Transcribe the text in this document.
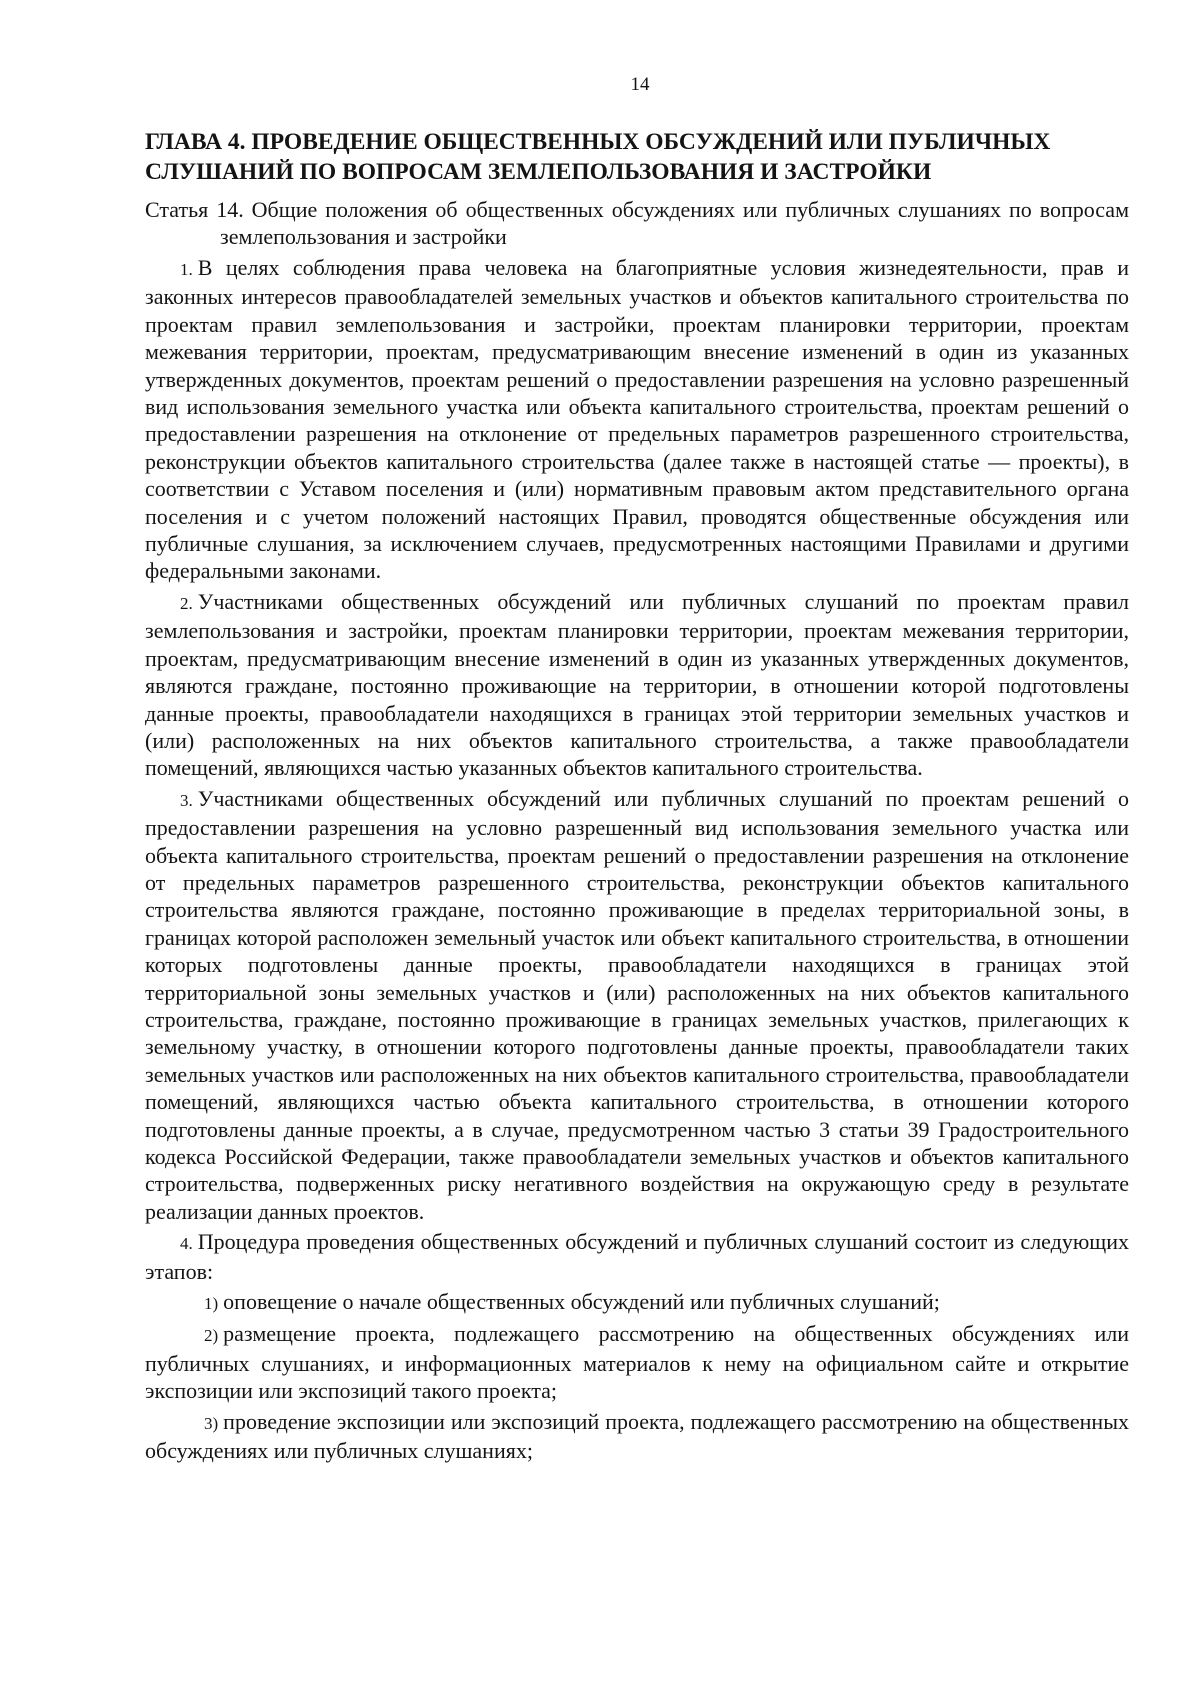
14
ГЛАВА 4. ПРОВЕДЕНИЕ ОБЩЕСТВЕННЫХ ОБСУЖДЕНИЙ ИЛИ ПУБЛИЧНЫХ СЛУШАНИЙ ПО ВОПРОСАМ ЗЕМЛЕПОЛЬЗОВАНИЯ И ЗАСТРОЙКИ

Статья 14. Общие положения об общественных обсуждениях или публичных слушаниях по вопросам землепользования и застройки

1. В целях соблюдения права человека на благоприятные условия жизнедеятельности, прав и законных интересов правообладателей земельных участков и объектов капитального строительства по проектам правил землепользования и застройки, проектам планировки территории, проектам межевания территории, проектам, предусматривающим внесение изменений в один из указанных утвержденных документов, проектам решений о предоставлении разрешения на условно разрешенный вид использования земельного участка или объекта капитального строительства, проектам решений о предоставлении разрешения на отклонение от предельных параметров разрешенного строительства, реконструкции объектов капитального строительства (далее также в настоящей статье — проекты), в соответствии с Уставом поселения и (или) нормативным правовым актом представительного органа поселения и с учетом положений настоящих Правил, проводятся общественные обсуждения или публичные слушания, за исключением случаев, предусмотренных настоящими Правилами и другими федеральными законами.

2. Участниками общественных обсуждений или публичных слушаний по проектам правил землепользования и застройки, проектам планировки территории, проектам межевания территории, проектам, предусматривающим внесение изменений в один из указанных утвержденных документов, являются граждане, постоянно проживающие на территории, в отношении которой подготовлены данные проекты, правообладатели находящихся в границах этой территории земельных участков и (или) расположенных на них объектов капитального строительства, а также правообладатели помещений, являющихся частью указанных объектов капитального строительства.

3. Участниками общественных обсуждений или публичных слушаний по проектам решений о предоставлении разрешения на условно разрешенный вид использования земельного участка или объекта капитального строительства, проектам решений о предоставлении разрешения на отклонение от предельных параметров разрешенного строительства, реконструкции объектов капитального строительства являются граждане, постоянно проживающие в пределах территориальной зоны, в границах которой расположен земельный участок или объект капитального строительства, в отношении которых подготовлены данные проекты, правообладатели находящихся в границах этой территориальной зоны земельных участков и (или) расположенных на них объектов капитального строительства, граждане, постоянно проживающие в границах земельных участков, прилегающих к земельному участку, в отношении которого подготовлены данные проекты, правообладатели таких земельных участков или расположенных на них объектов капитального строительства, правообладатели помещений, являющихся частью объекта капитального строительства, в отношении которого подготовлены данные проекты, а в случае, предусмотренном частью 3 статьи 39 Градостроительного кодекса Российской Федерации, также правообладатели земельных участков и объектов капитального строительства, подверженных риску негативного воздействия на окружающую среду в результате реализации данных проектов.

4. Процедура проведения общественных обсуждений и публичных слушаний состоит из следующих этапов:

1) оповещение о начале общественных обсуждений или публичных слушаний;

2) размещение проекта, подлежащего рассмотрению на общественных обсуждениях или публичных слушаниях, и информационных материалов к нему на официальном сайте и открытие экспозиции или экспозиций такого проекта;

3) проведение экспозиции или экспозиций проекта, подлежащего рассмотрению на общественных обсуждениях или публичных слушаниях;
